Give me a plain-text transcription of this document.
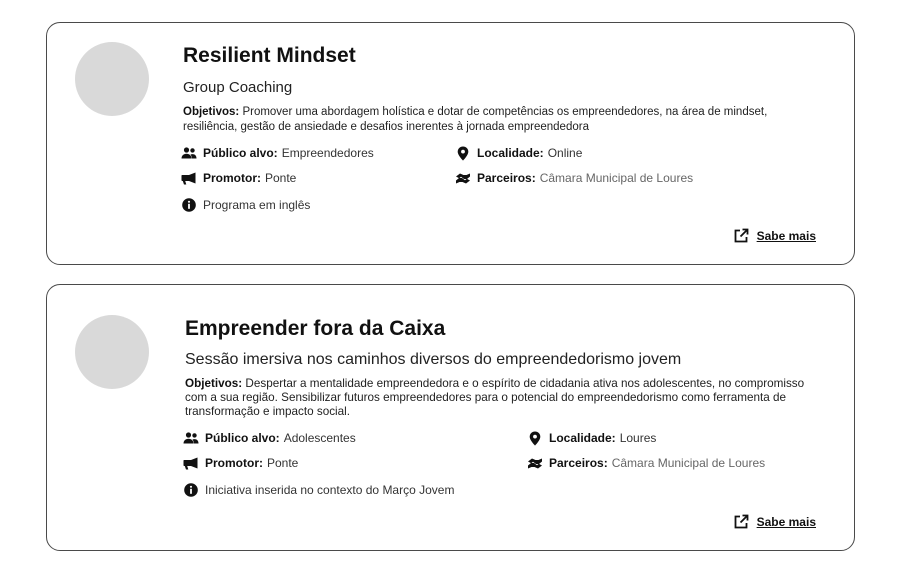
Resilient Mindset
Group Coaching
Objetivos: Promover uma abordagem holística e dotar de competências os empreendedores, na área de mindset, resiliência, gestão de ansiedade e desafios inerentes à jornada empreendedora
Público alvo: Empreendedores	Localidade: Online
Promotor: Ponte	Parceiros: Câmara Municipal de Loures
Programa em inglês
Sabe mais
Empreender fora da Caixa
Sessão imersiva nos caminhos diversos do empreendedorismo jovem
Objetivos: Despertar a mentalidade empreendedora e o espírito de cidadania ativa nos adolescentes, no compromisso com a sua região. Sensibilizar futuros empreendedores para o potencial do empreendedorismo como ferramenta de transformação e impacto social.
Público alvo: Adolescentes	Localidade: Loures
Promotor: Ponte	Parceiros: Câmara Municipal de Loures
Iniciativa inserida no contexto do Março Jovem
Sabe mais
